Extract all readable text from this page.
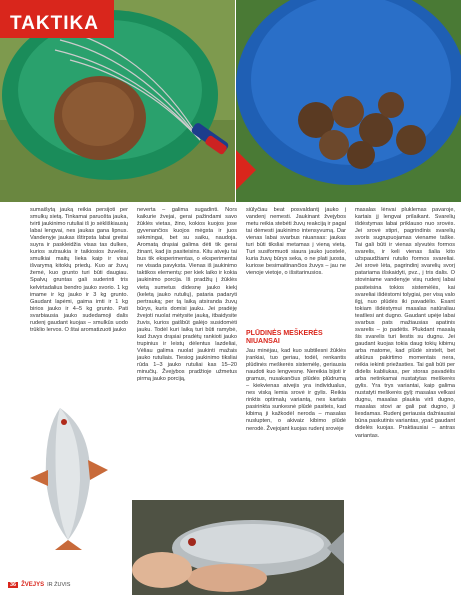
TAKTIKA

sumaišytą jauką reikia persijoti per smulkų sietą. Tinkamai paruošta jauka, tvirti jaukinimo rutuliai iš jo sėkliškiausių labai lengvai, nes jaukas gana lipnus. Vandenyje jaukas ištirpsta labai greitai suyra ir paskleidžia visas tas dulkes, kurios sutraukia ir taikiosios žuvelės, smulkiai maitų lieka kaip ir visai išvarymą kitokių priedų. Kuo ar žuvų žemė, kuo grunto turi būti daugiau. Spalvų gruntas gali suderinti tris kelvirtadalius bendro jauko svorio. 1 kg imame ir kg jauko ir 3 kg grunto. Gaudant lapėmi, gaima imti ir 1 kg birios jauko ir 4–5 kg grunto. Pati svarbiausia jauko sudedamoji dalis rudenį gaudant kuojas – smulkūs uodo trūklio lervos. O štai aromatizuoti jauko

nevertа – galima sugadinti. Nors kaikurie žvejai, gerai pažindami savo žūklės vietas, žino, kokios kuojos jose gyvenančios kuojos mėgsta ir juos sėkmingai, bet su saiku, naudoja. Aromatą drąsiai galima dėti tik gerai žinant, kad jis pasiteisins. Kitu atveju tai bus tik eksperimentas, o eksperimentai ne visada pavyksta. Vienas iš jaukinimo taktikos elementų: per kiek laiko ir kokia jaukinimo porcija. Iš pradžių į žūklės vietą sumetus didesnę jauko kiekį (keletą jauko rutulių), pataria padaryti pertrauką; per tą laiką atsiranda žuvų būrys, kuris domisi jauku. Jei pradėję žvejoti nuolat mėtysite jauką, itbaidysite žuvis, kurios gaišbūt galėjo susidomėti jauku. Todėl kuri laiką turi būti ramybė, kad žuvys drąsiai pradėtų rankioti jauko trupinius ir leistų dėlentus lazdeliai, Vėliau galima nuolat jaukinti mažais jauko rutuliais. Tiesiog jaukinimo tiksliai rūda 1–3 jauko rutuliai kas 15–20 minučių. Žvejybos pradžioje užmetus pirmą jauko porciją,

siūlyčiau beat posvaldantį jauko į vandenį nemesti. Jaukinant žvejybos metu reikia stebėti žuvų reakciją ir pagal tai dėmesti jaukinimo intensyvumą. Dar vienas labai svarbus niuansas: jaukas turi būti tiksliai metamas į vieną vietą. Turi susiformuoti siaura jauko juostelė, kuria žuvų būrys seka, o ne plati juosta, kuriose besimaitinančios žuvys – jau ne vienoje vietoje, o išsitarinusios.

PLŪDINĖS MEŠKERĖS
NIUANSAI

Jau minėjau, kad kuo subtilesni žūklės įrankiai, tuo geriau, todėl, renkantis plūdinės meškerės sistemėlę, geriausia naudoti kuo lengvesnę. Nereikia bijoti ir gramus, nusakančius plūdės plūdrumą – kiekvienas atvejis yra individualus, nes viską lemia srovė ir gylis. Reikia rinktis optimalų variantą, nes kartais pasirinkta sunkesnė plūdė pasiteis, kad kibimą ji kažkodėl neroda – masalas nuslupten, o akivaiz kibimo plūdė nerodė. Žvejojant kuojas rudenį srovėje

masalas lėnvai pluklemas pavaroje, kartais jį lengvai prilaikant. Svarelių išdėstymas labai priklauso nuo srovės. Jei srovė stipri, pagrindinis svarelių svoris sugrupuojamas viename taške. Tai gali būti ir vienas slyvutės formos svarelis, ir keli vienas šalia kito užspaudžiami rutulio formos svareliai. Jei srovė lėta, pagrindinį svarelių svorį patariama išskaidyti, pvz., į tris dalis. O stoviniame vandenyje visų rudenį labai pasiteisina tokios sistemėlės, kai svareliai išdėstomi tolygiai, per visą valo ilgį, nuo plūdės iki pavadėlio. Esant tokiam išdėstymui masalas natūraliau teatliesi ant dugno. Gaudant upėje labai svarbus pats mažiausias apatinis svarelis – jo padėtis. Plukdant masalą šis svarelis turi liestis su dugnu. Jei gaudant kuojas tokia daug tokių kibimų arba matome, kad plūdė sirstelt, bet atkūrus pakirtimo momentais nera, reikia iekinti priežasties. Tai gali būti per didelis kabliukas, per storas pavadėlis arba netinkamai nustatytas meškerės gylis. Yra trys variantai, kaip galima nustatyti meškerės gylį: masalas velkasi dugnu, masalas plaukia virš dugno, masalas stovi ar gali pat dugno, ji liesdamas. Rudenį geriausia dažniausiai būna paskutinis variantas, ypač gaudant didelės kuojas. Praktiausiai – antras variantas.

36 ŽVEJYS IR ŽUVIS
